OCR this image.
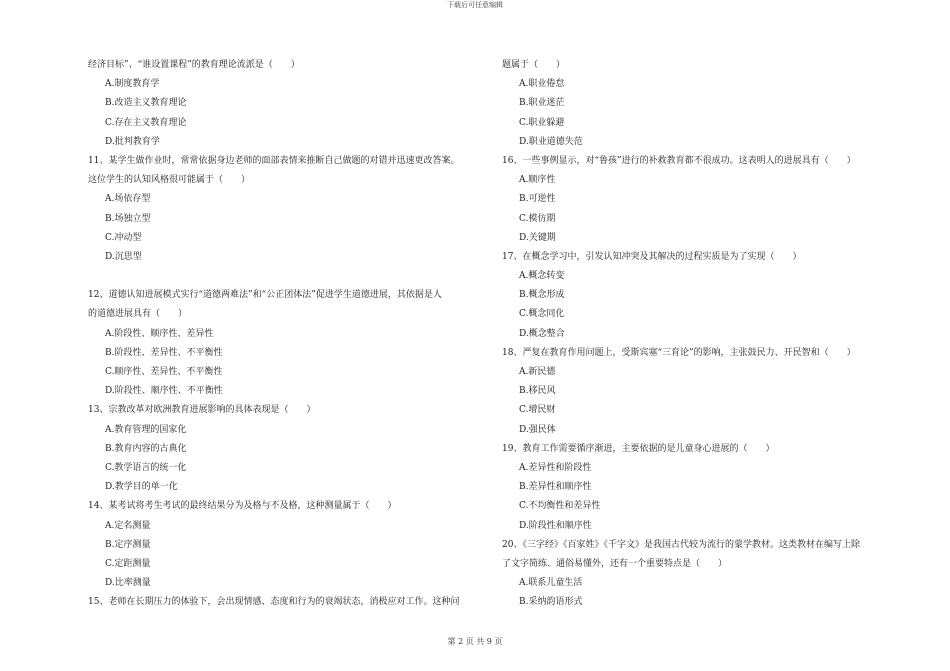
下载后可任意编辑
经济目标”、“谁设置课程”的教育理论流派是（　　）
A.制度教育学
B.改造主义教育理论
C.存在主义教育理论
D.批判教育学
11、某学生做作业时，常常依据身边老师的面部表情来推断自己做题的对错并迅速更改答案。
这位学生的认知风格很可能属于（　　）
A.场依存型
B.场独立型
C.冲动型
D.沉思型
12、道德认知进展模式实行“道德两难法”和“公正团体法”促进学生道德进展，其依据是人
的道德进展具有（　　）
A.阶段性、顺序性、差异性
B.阶段性、差异性、不平衡性
C.顺序性、差异性、不平衡性
D.阶段性、顺序性、不平衡性
13、宗教改革对欧洲教育进展影响的具体表现是（　　）
A.教育管理的国家化
B.教育内容的古典化
C.教学语言的统一化
D.教学目的单一化
14、某考试将考生考试的最终结果分为及格与不及格，这种测量属于（　　）
A.定名测量
B.定序测量
C.定距测量
D.比率测量
15、老师在长期压力的体验下，会出现情感、态度和行为的衰竭状态，消极应对工作。这种问
题属于（　　）
A.职业倦怠
B.职业迷茫
C.职业躲避
D.职业道德失范
16、一些事例显示，对“鲁孩”进行的补救教育都不很成功。这表明人的进展具有（　　）
A.顺序性
B.可逆性
C.模仿期
D.关键期
17、在概念学习中，引发认知冲突及其解决的过程实质是为了实现（　　）
A.概念转变
B.概念形成
C.概念同化
D.概念整合
18、严复在教育作用问题上，受斯宾塞“三育论”的影响，主张鼓民力、开民智和（　　）
A.新民德
B.移民风
C.增民财
D.强民体
19、教育工作需要循序渐进，主要依据的是儿童身心进展的（　　）
A.差异性和阶段性
B.差异性和顺序性
C.不均衡性和差异性
D.阶段性和顺序性
20、《三字经》《百家姓》《千字文》是我国古代较为流行的蒙学教材。这类教材在编写上除
了文字简练、通俗易懂外，还有一个重要特点是（　　）
A.联系儿童生活
B.采纳韵语形式
第 2 页 共 9 页
